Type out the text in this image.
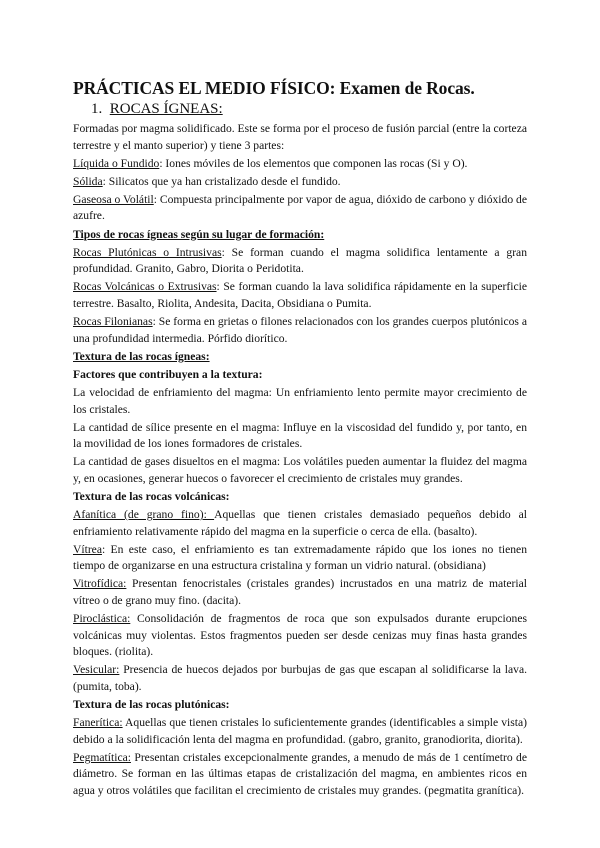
PRÁCTICAS EL MEDIO FÍSICO: Examen de Rocas.
1. ROCAS ÍGNEAS:

Formadas por magma solidificado. Este se forma por el proceso de fusión parcial (entre la corteza terrestre y el manto superior) y tiene 3 partes:

Líquida o Fundido: Iones móviles de los elementos que componen las rocas (Si y O).

Sólida: Silicatos que ya han cristalizado desde el fundido.

Gaseosa o Volátil: Compuesta principalmente por vapor de agua, dióxido de carbono y dióxido de azufre.

Tipos de rocas ígneas según su lugar de formación:

Rocas Plutónicas o Intrusivas: Se forman cuando el magma solidifica lentamente a gran profundidad. Granito, Gabro, Diorita o Peridotita.

Rocas Volcánicas o Extrusivas: Se forman cuando la lava solidifica rápidamente en la superficie terrestre. Basalto, Riolita, Andesita, Dacita, Obsidiana o Pumita.

Rocas Filonianas: Se forma en grietas o filones relacionados con los grandes cuerpos plutónicos a una profundidad intermedia. Pórfido diorítico.

Textura de las rocas ígneas:

Factores que contribuyen a la textura:

La velocidad de enfriamiento del magma: Un enfriamiento lento permite mayor crecimiento de los cristales.

La cantidad de sílice presente en el magma: Influye en la viscosidad del fundido y, por tanto, en la movilidad de los iones formadores de cristales.

La cantidad de gases disueltos en el magma: Los volátiles pueden aumentar la fluidez del magma y, en ocasiones, generar huecos o favorecer el crecimiento de cristales muy grandes.

Textura de las rocas volcánicas:

Afanítica (de grano fino): Aquellas que tienen cristales demasiado pequeños debido al enfriamiento relativamente rápido del magma en la superficie o cerca de ella. (basalto).

Vítrea: En este caso, el enfriamiento es tan extremadamente rápido que los iones no tienen tiempo de organizarse en una estructura cristalina y forman un vidrio natural. (obsidiana)

Vitrofídica: Presentan fenocristales (cristales grandes) incrustados en una matriz de material vítreo o de grano muy fino. (dacita).

Piroclástica: Consolidación de fragmentos de roca que son expulsados durante erupciones volcánicas muy violentas. Estos fragmentos pueden ser desde cenizas muy finas hasta grandes bloques. (riolita).

Vesicular: Presencia de huecos dejados por burbujas de gas que escapan al solidificarse la lava. (pumita, toba).

Textura de las rocas plutónicas:

Fanerítica: Aquellas que tienen cristales lo suficientemente grandes (identificables a simple vista) debido a la solidificación lenta del magma en profundidad. (gabro, granito, granodiorita, diorita).

Pegmatítica: Presentan cristales excepcionalmente grandes, a menudo de más de 1 centímetro de diámetro. Se forman en las últimas etapas de cristalización del magma, en ambientes ricos en agua y otros volátiles que facilitan el crecimiento de cristales muy grandes. (pegmatita granítica).
